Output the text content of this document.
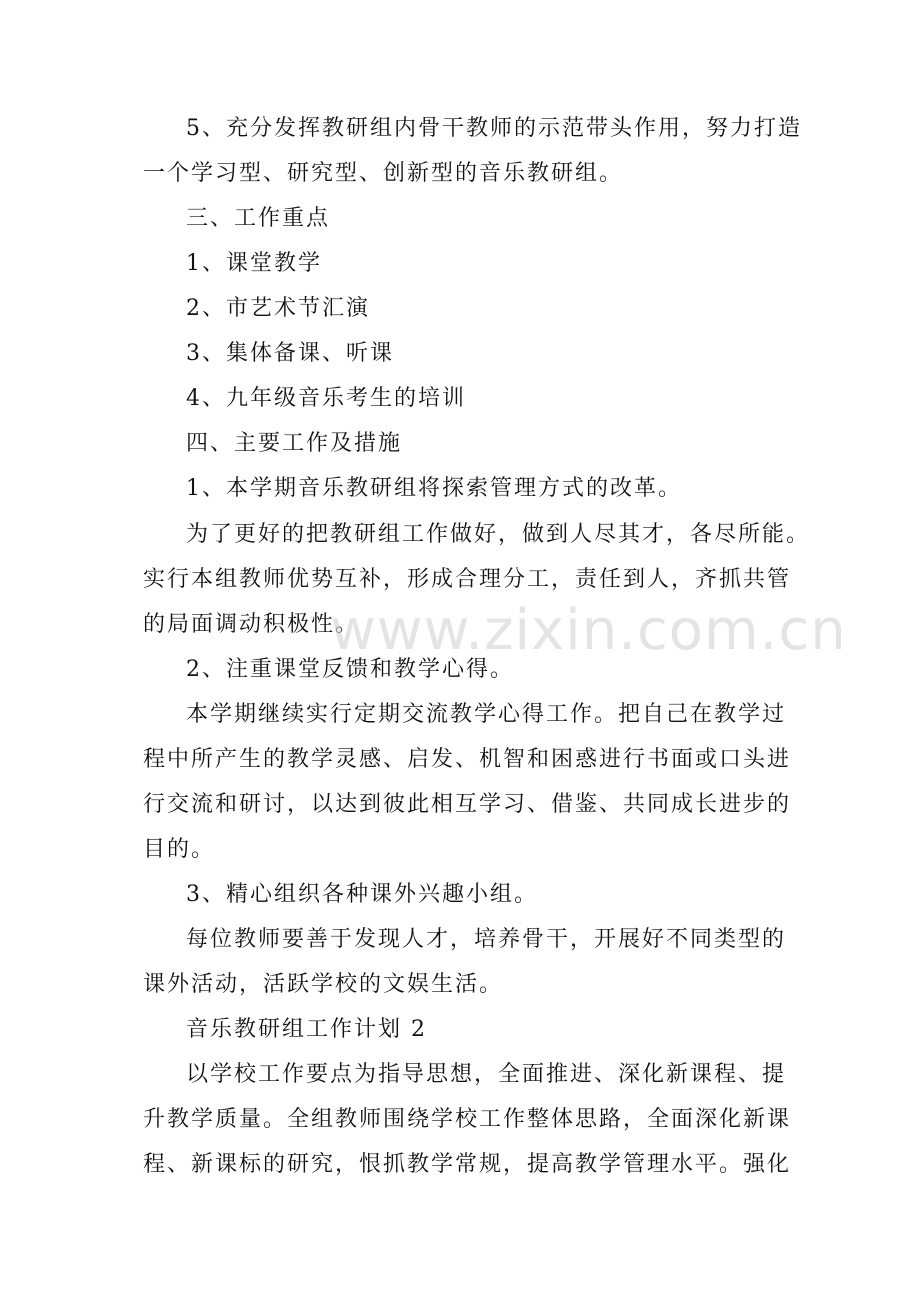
5、充分发挥教研组内骨干教师的示范带头作用，努力打造
一个学习型、研究型、创新型的音乐教研组。
三、工作重点
1、课堂教学
2、市艺术节汇演
3、集体备课、听课
4、九年级音乐考生的培训
四、主要工作及措施
1、本学期音乐教研组将探索管理方式的改革。
为了更好的把教研组工作做好，做到人尽其才，各尽所能。
实行本组教师优势互补，形成合理分工，责任到人，齐抓共管
的局面调动积极性。
2、注重课堂反馈和教学心得。
本学期继续实行定期交流教学心得工作。把自己在教学过
程中所产生的教学灵感、启发、机智和困惑进行书面或口头进
行交流和研讨，以达到彼此相互学习、借鉴、共同成长进步的
目的。
3、精心组织各种课外兴趣小组。
每位教师要善于发现人才，培养骨干，开展好不同类型的
课外活动，活跃学校的文娱生活。
音乐教研组工作计划 2
以学校工作要点为指导思想，全面推进、深化新课程、提
升教学质量。全组教师围绕学校工作整体思路，全面深化新课
程、新课标的研究，恨抓教学常规，提高教学管理水平。强化
www.zixin.com.cn
